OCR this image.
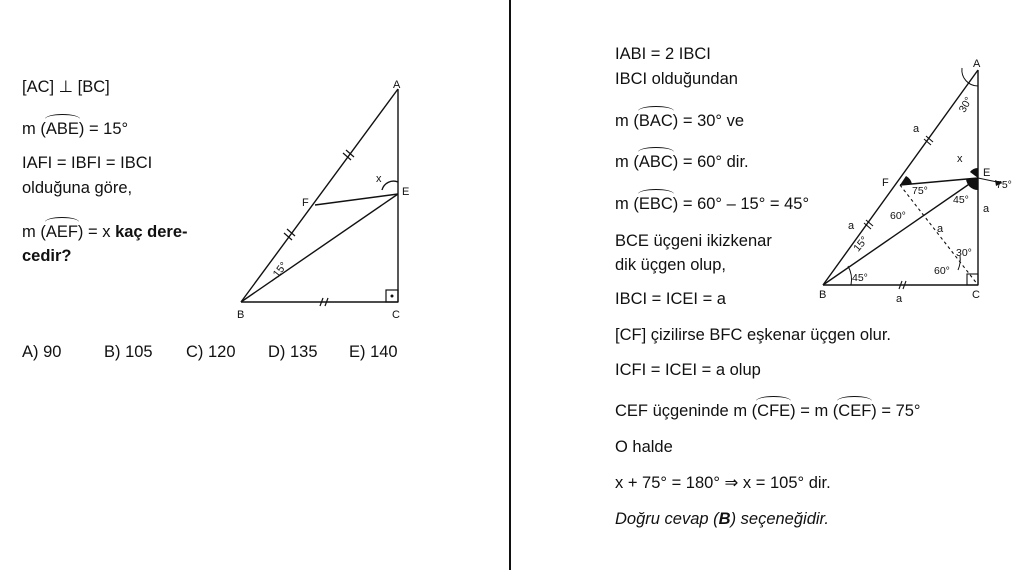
[AC] ⊥ [BC]
m (ABE) = 15°
IAFI = IBFI = IBCI
olduğuna göre,
m (AEF) = x kaç dere-
cedir?
A
B	C
E
F
x
15°
A) 90	B) 105 C) 120 D) 135 E) 140
IABI = 2 IBCI
IBCI olduğundan
m (BAC) = 30° ve
m (ABC) = 60° dir.
m (EBC) = 60° – 15° = 45°
BCE üçgeni ikizkenar
dik üçgen olup,
IBCI = ICEI = a
[CF] çizilirse BFC eşkenar üçgen olur.
ICFI = ICEI = a olup
CEF üçgeninde m (CFE) = m (CEF) = 75°
O halde
x + 75° = 180° ⇒ x = 105° dir.
Doğru cevap (B) seçeneğidir.
A
B	C
E
F
x
a
a
a
a
a
30°
75°
75°
45°
60°
30°
60°
15°
45°
